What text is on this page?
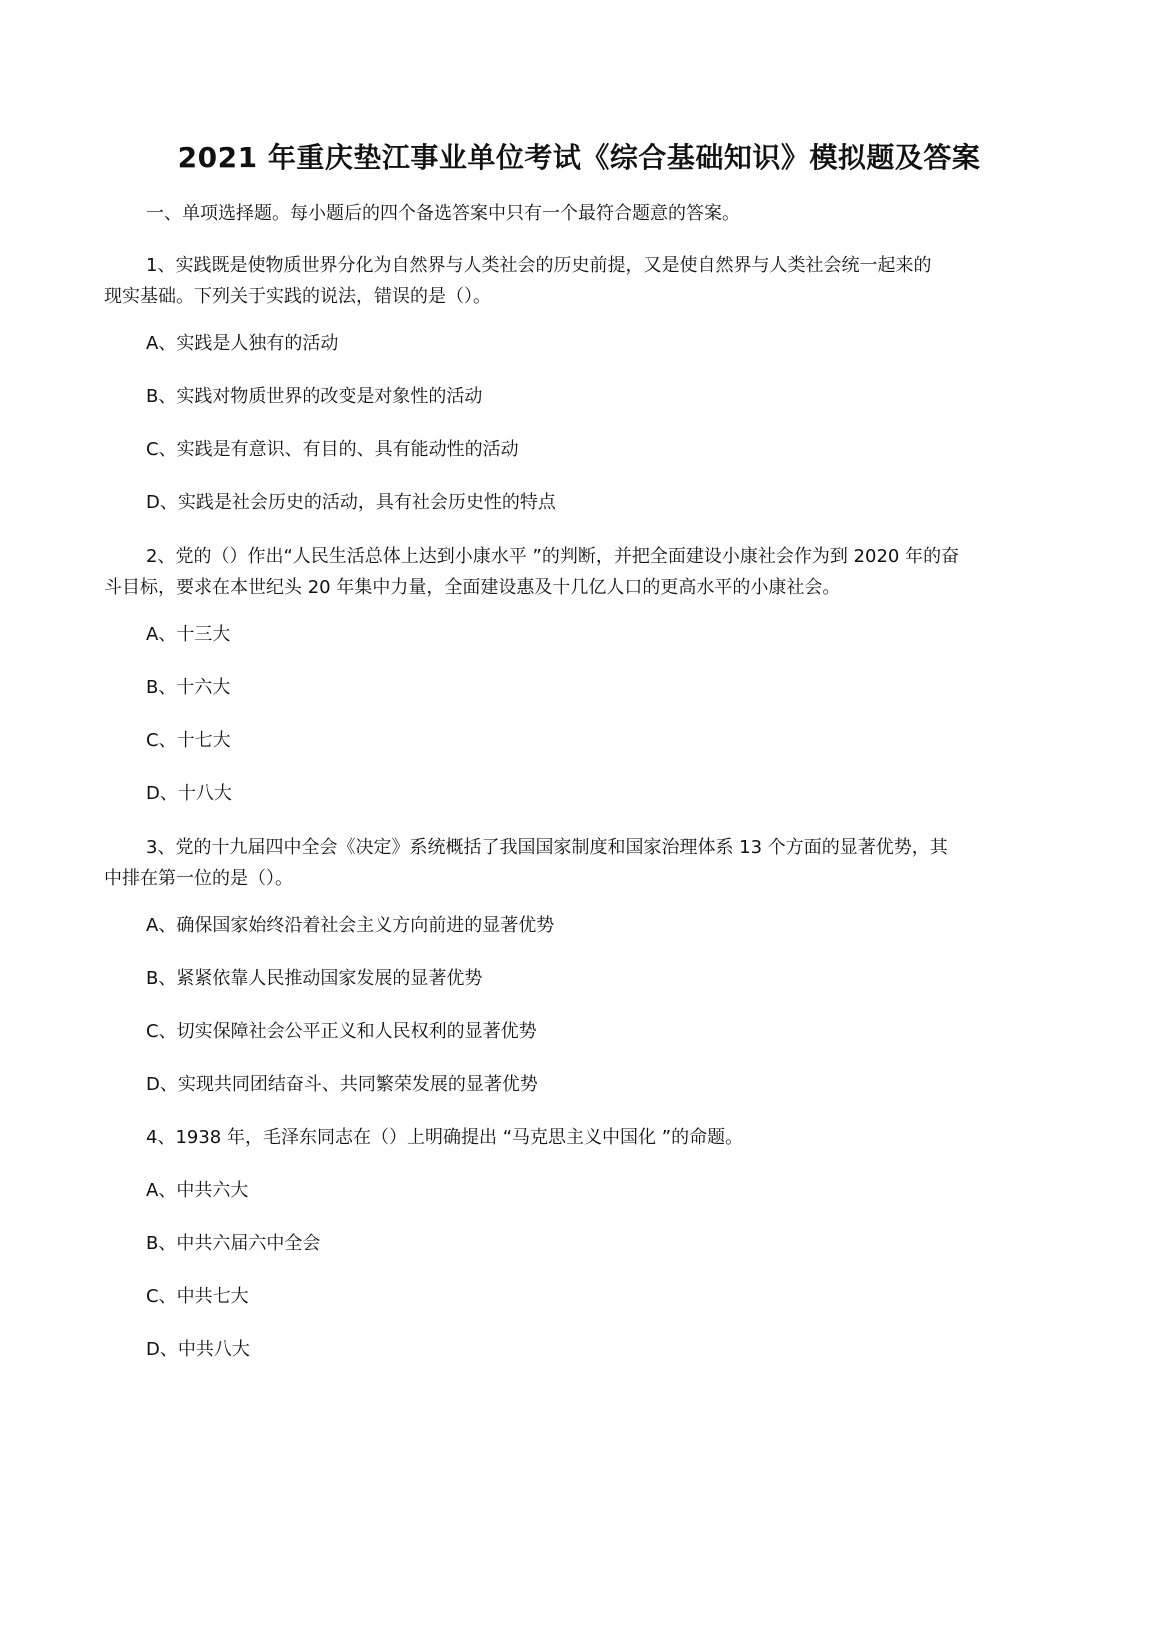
2021 年重庆垫江事业单位考试《综合基础知识》模拟题及答案
一、单项选择题。每小题后的四个备选答案中只有一个最符合题意的答案。
1、实践既是使物质世界分化为自然界与人类社会的历史前提，又是使自然界与人类社会统一起来的
现实基础。下列关于实践的说法，错误的是（）。
A、实践是人独有的活动
B、实践对物质世界的改变是对象性的活动
C、实践是有意识、有目的、具有能动性的活动
D、实践是社会历史的活动，具有社会历史性的特点
2、党的（）作出“人民生活总体上达到小康水平 ”的判断，并把全面建设小康社会作为到 2020 年的奋
斗目标，要求在本世纪头 20 年集中力量，全面建设惠及十几亿人口的更高水平的小康社会。
A、十三大
B、十六大
C、十七大
D、十八大
3、党的十九届四中全会《决定》系统概括了我国国家制度和国家治理体系 13 个方面的显著优势，其
中排在第一位的是（）。
A、确保国家始终沿着社会主义方向前进的显著优势
B、紧紧依靠人民推动国家发展的显著优势
C、切实保障社会公平正义和人民权利的显著优势
D、实现共同团结奋斗、共同繁荣发展的显著优势
4、1938 年，毛泽东同志在（）上明确提出 “马克思主义中国化 ”的命题。
A、中共六大
B、中共六届六中全会
C、中共七大
D、中共八大
